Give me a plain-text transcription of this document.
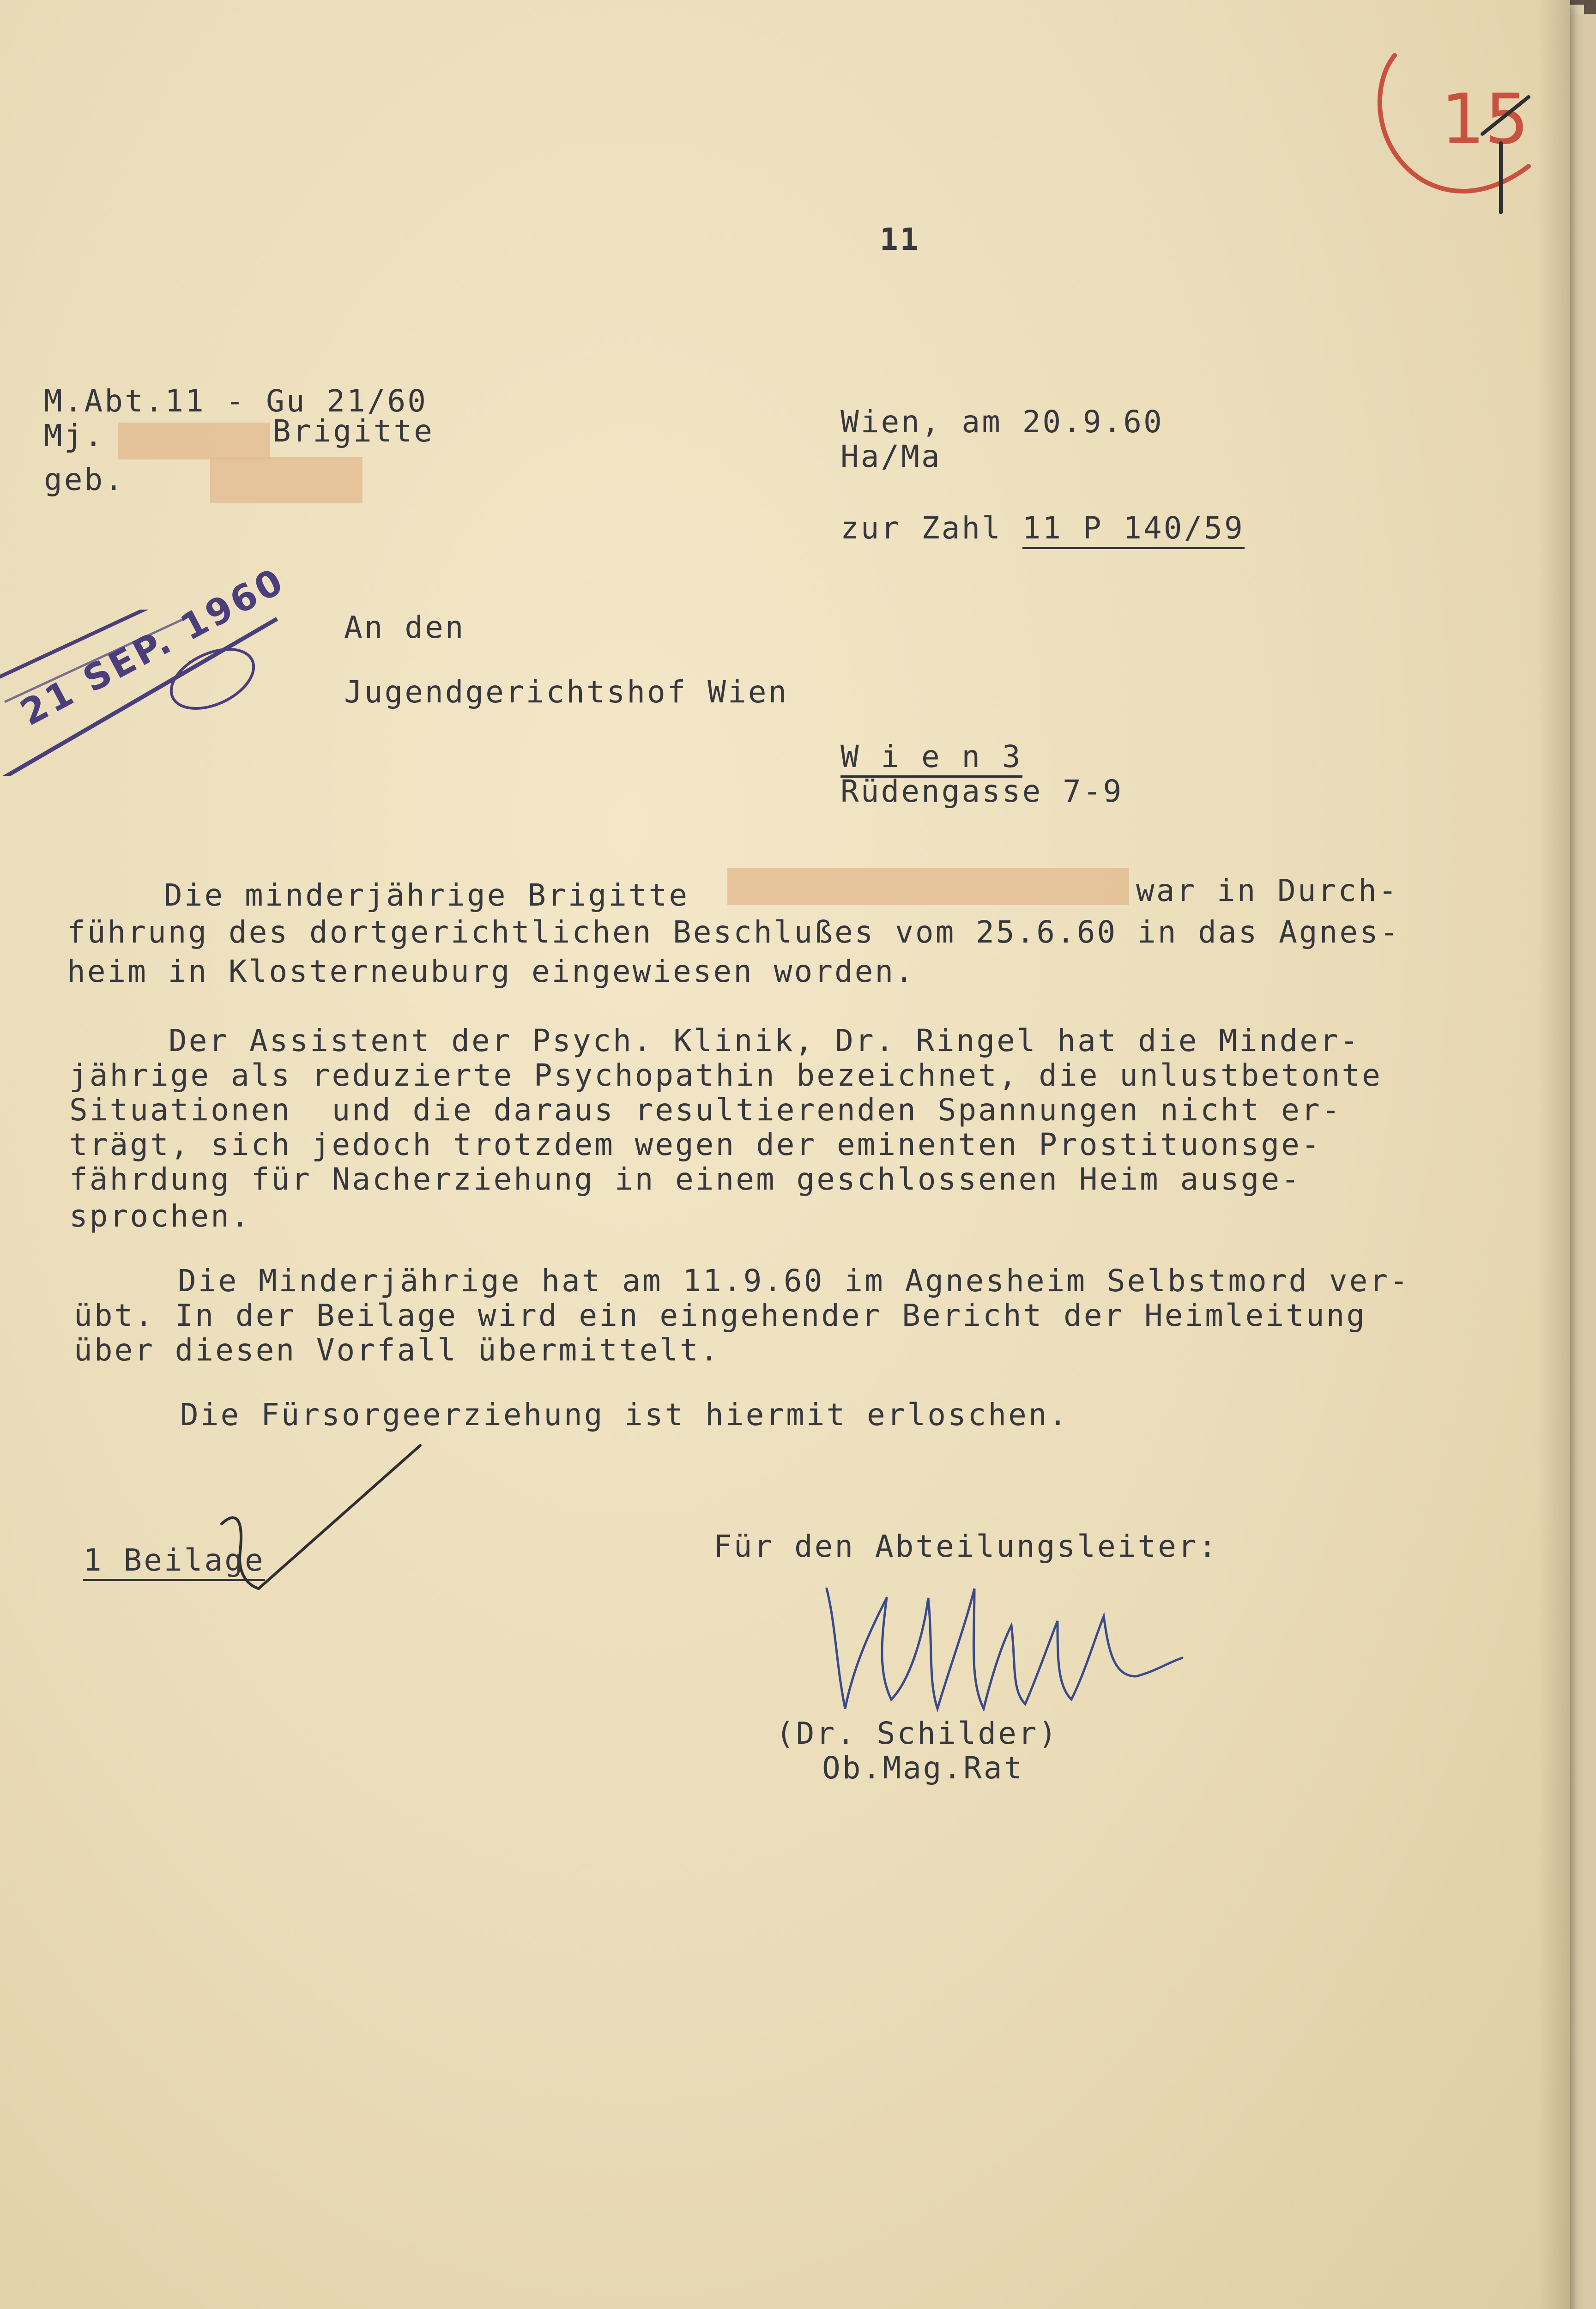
15
11
M.Abt.11 - Gu 21/60
Mj.	Brigitte
geb.
Wien, am 20.9.60
Ha/Ma
zur Zahl 11 P 140/59
An den
Jugendgerichtshof Wien
W i e n 3
Rüdengasse 7-9
21 SEP. 1960
Die minderjährige Brigitte	war in Durch-
führung des dortgerichtlichen Beschlußes vom 25.6.60 in das Agnes-
heim in Klosterneuburg eingewiesen worden.
Der Assistent der Psych. Klinik, Dr. Ringel hat die Minder-
jährige als reduzierte Psychopathin bezeichnet, die unlustbetonte
Situationen  und die daraus resultierenden Spannungen nicht er-
trägt, sich jedoch trotzdem wegen der eminenten Prostituonsge-
fährdung für Nacherziehung in einem geschlossenen Heim ausge-
sprochen.
Die Minderjährige hat am 11.9.60 im Agnesheim Selbstmord ver-
übt. In der Beilage wird ein eingehender Bericht der Heimleitung
über diesen Vorfall übermittelt.
Die Fürsorgeerziehung ist hiermit erloschen.
1 Beilage	Für den Abteilungsleiter:
(Dr. Schilder)
Ob.Mag.Rat
